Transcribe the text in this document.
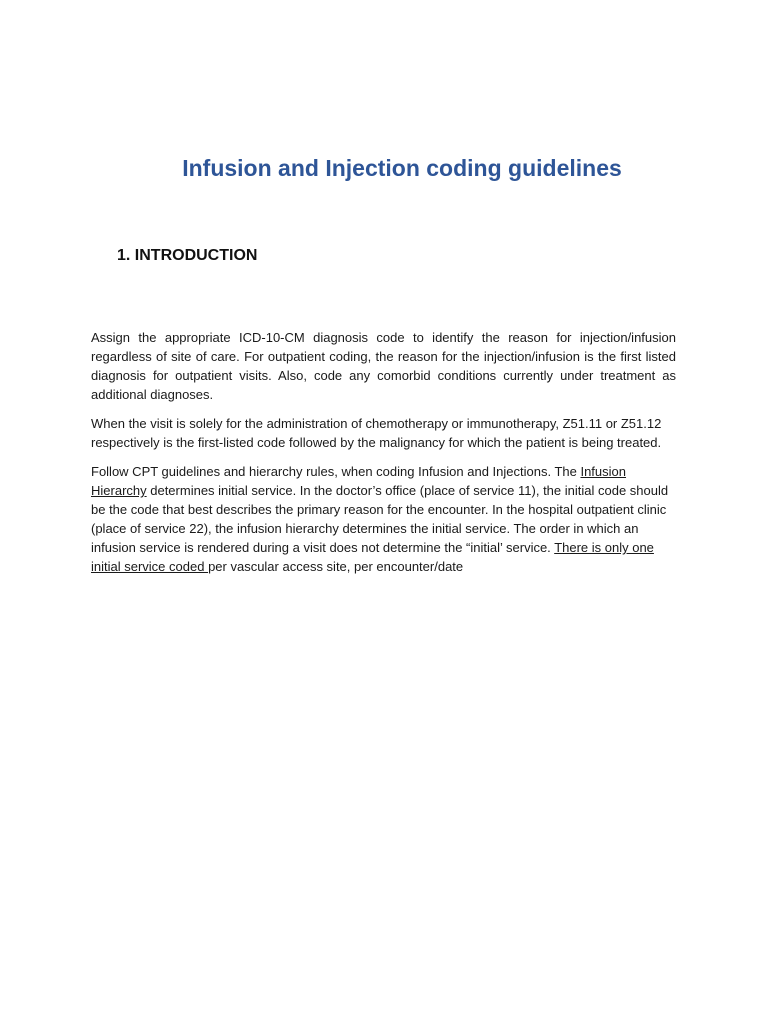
Infusion and Injection coding guidelines
1. INTRODUCTION

Assign the appropriate ICD-10-CM diagnosis code to identify the reason for injection/infusion regardless of site of care. For outpatient coding, the reason for the injection/infusion is the first listed diagnosis for outpatient visits. Also, code any comorbid conditions currently under treatment as additional diagnoses.

When the visit is solely for the administration of chemotherapy or immunotherapy, Z51.11 or Z51.12 respectively is the first-listed code followed by the malignancy for which the patient is being treated.

Follow CPT guidelines and hierarchy rules, when coding Infusion and Injections. The Infusion Hierarchy determines initial service. In the doctor’s office (place of service 11), the initial code should be the code that best describes the primary reason for the encounter. In the hospital outpatient clinic (place of service 22), the infusion hierarchy determines the initial service. The order in which an infusion service is rendered during a visit does not determine the “initial’ service. There is only one initial service coded per vascular access site, per encounter/date
